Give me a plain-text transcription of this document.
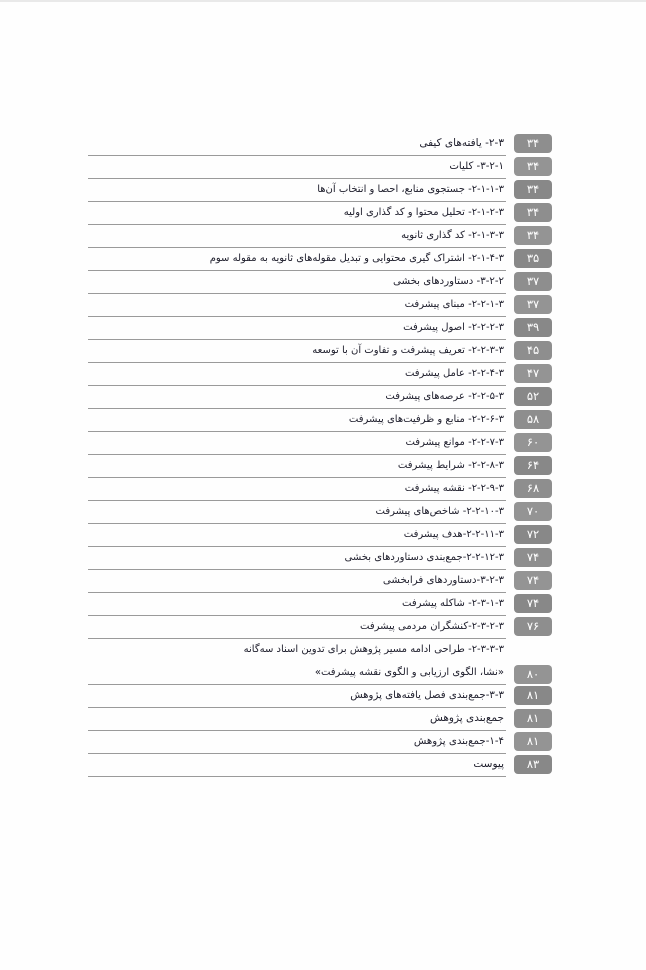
۳۴
۲-۳- یافته‌های کیفی
۳۴
۳-۲-۱- کلیات
۳۴
۲-۱-۱-۳- جستجوی منابع، احصا و انتخاب آن‌ها
۳۴
۲-۱-۲-۳- تحلیل محتوا و کد گذاری اولیه
۳۴
۲-۱-۳-۳- کد گذاری ثانویه
۳۵
۲-۱-۴-۳- اشتراک گیری محتوایی و تبدیل مقوله‌های ثانویه به مقوله سوم
۳۷
۳-۲-۲- دستاوردهای بخشی
۳۷
۲-۲-۱-۳- مبنای پیشرفت
۳۹
۲-۲-۲-۳- اصول پیشرفت
۴۵
۲-۲-۳-۳- تعریف پیشرفت و تفاوت آن با توسعه
۴۷
۲-۲-۴-۳- عامل پیشرفت
۵۲
۲-۲-۵-۳- عرصه‌های پیشرفت
۵۸
۲-۲-۶-۳- منابع و ظرفیت‌های پیشرفت
۶۰
۲-۲-۷-۳- موانع پیشرفت
۶۴
۲-۲-۸-۳- شرایط پیشرفت
۶۸
۲-۲-۹-۳- نقشه پیشرفت
۷۰
۲-۲-۱۰-۳- شاخص‌های پیشرفت
۷۲
۲-۲-۱۱-۳-هدف پیشرفت
۷۴
۲-۲-۱۲-۳-جمع‌بندی دستاوردهای بخشی
۷۴
۳-۲-۳-دستاوردهای فرابخشی
۷۴
۲-۳-۱-۳- شاکله پیشرفت
۷۶
۲-۳-۲-۳-کنشگران مردمی پیشرفت
۸۰
۲-۳-۳-۳- طراحی ادامه مسیر پژوهش برای تدوین اسناد سه‌گانه
«نشا، الگوی ارزیابی و الگوی نقشه پیشرفت»
۸۱
۳-۳-جمع‌بندی فصل یافته‌های پژوهش
۸۱
جمع‌بندی پژوهش
۸۱
۱-۴-جمع‌بندی پژوهش
۸۳
پیوست
